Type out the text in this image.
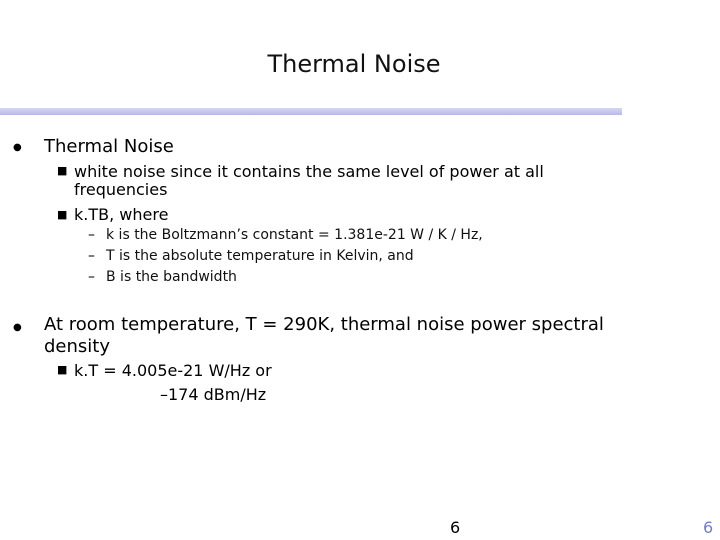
Thermal Noise
● Thermal Noise
■ white noise since it contains the same level of power at all
frequencies
■ k.TB, where
– k is the Boltzmann’s constant = 1.381e-21 W / K / Hz,
– T is the absolute temperature in Kelvin, and
– B is the bandwidth
● At room temperature, T = 290K, thermal noise power spectral
density
■ k.T = 4.005e-21 W/Hz or
–174 dBm/Hz
6	6
